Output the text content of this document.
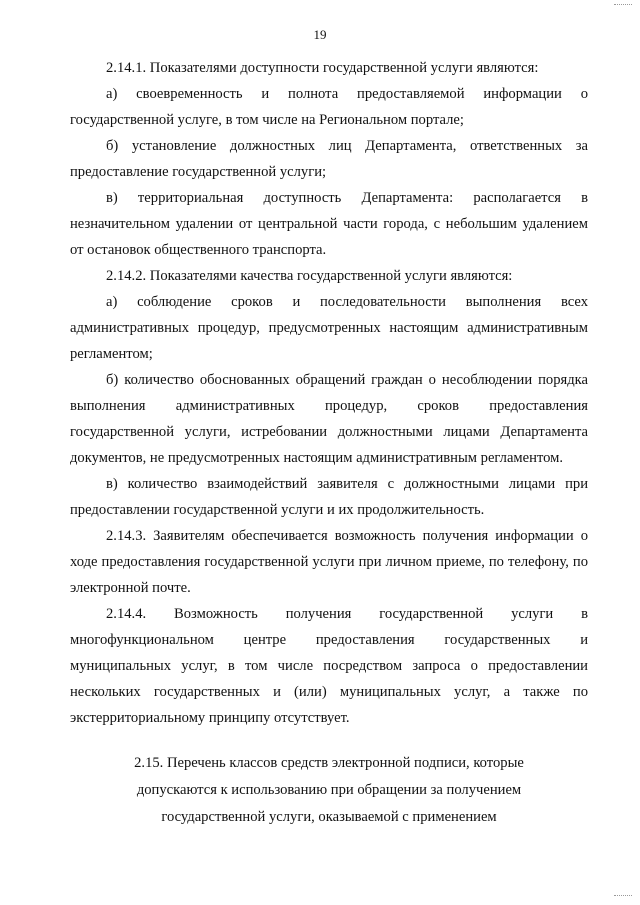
19

2.14.1. Показателями доступности государственной услуги являются:

а) своевременность и полнота предоставляемой информации о государственной услуге, в том числе на Региональном портале;

б) установление должностных лиц Департамента, ответственных за предоставление государственной услуги;

в) территориальная доступность Департамента: располагается в незначительном удалении от центральной части города, с небольшим удалением от остановок общественного транспорта.

2.14.2. Показателями качества государственной услуги являются:

а) соблюдение сроков и последовательности выполнения всех административных процедур, предусмотренных настоящим административным регламентом;

б) количество обоснованных обращений граждан о несоблюдении порядка выполнения административных процедур, сроков предоставления государственной услуги, истребовании должностными лицами Департамента документов, не предусмотренных настоящим административным регламентом.

в) количество взаимодействий заявителя с должностными лицами при предоставлении государственной услуги и их продолжительность.

2.14.3. Заявителям обеспечивается возможность получения информации о ходе предоставления государственной услуги при личном приеме, по телефону, по электронной почте.

2.14.4. Возможность получения государственной услуги в многофункциональном центре предоставления государственных и муниципальных услуг, в том числе посредством запроса о предоставлении нескольких государственных и (или) муниципальных услуг, а также по экстерриториальному принципу отсутствует.

2.15. Перечень классов средств электронной подписи, которые

допускаются к использованию при обращении за получением

государственной услуги, оказываемой с применением
